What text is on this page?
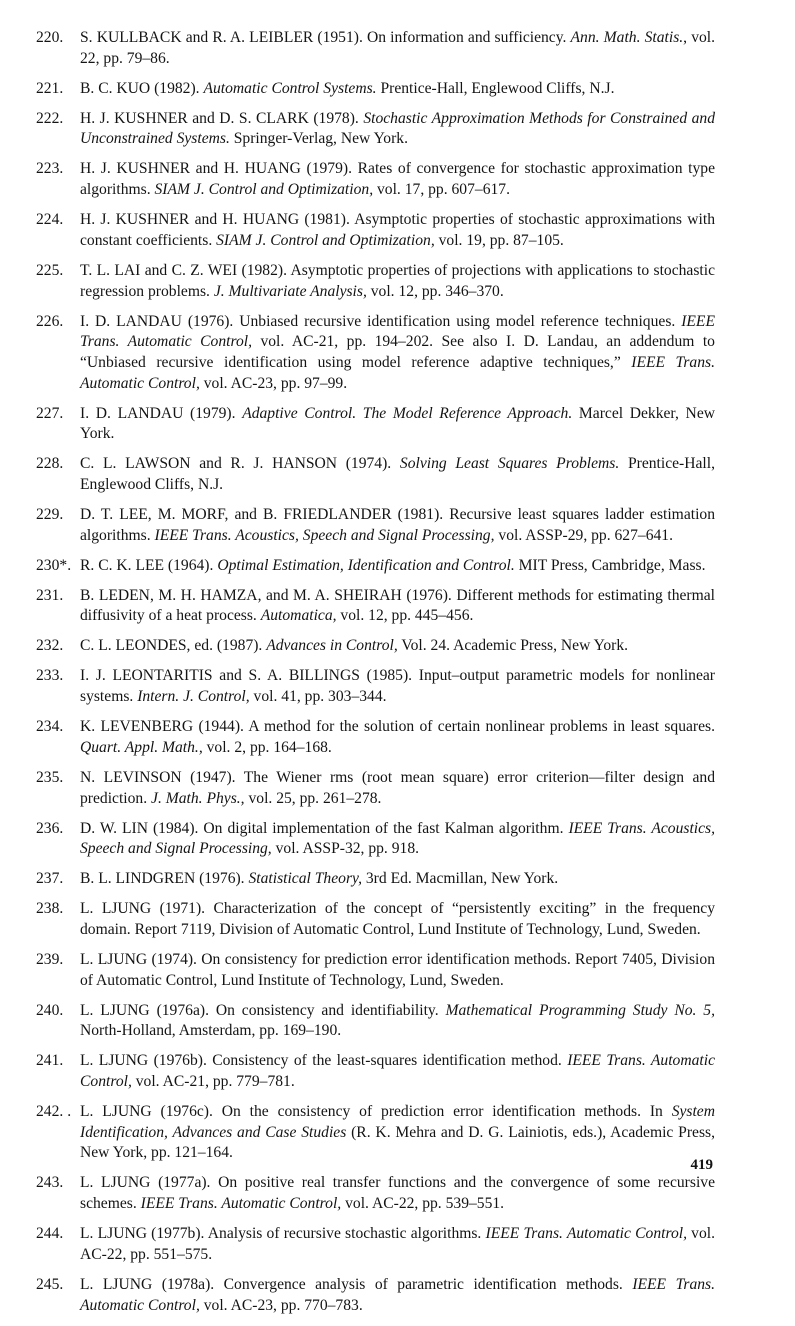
220. S. KULLBACK and R. A. LEIBLER (1951). On information and sufficiency. Ann. Math. Statis., vol. 22, pp. 79–86.
221. B. C. KUO (1982). Automatic Control Systems. Prentice-Hall, Englewood Cliffs, N.J.
222. H. J. KUSHNER and D. S. CLARK (1978). Stochastic Approximation Methods for Constrained and Unconstrained Systems. Springer-Verlag, New York.
223. H. J. KUSHNER and H. HUANG (1979). Rates of convergence for stochastic approximation type algorithms. SIAM J. Control and Optimization, vol. 17, pp. 607–617.
224. H. J. KUSHNER and H. HUANG (1981). Asymptotic properties of stochastic approximations with constant coefficients. SIAM J. Control and Optimization, vol. 19, pp. 87–105.
225. T. L. LAI and C. Z. WEI (1982). Asymptotic properties of projections with applications to stochastic regression problems. J. Multivariate Analysis, vol. 12, pp. 346–370.
226. I. D. LANDAU (1976). Unbiased recursive identification using model reference techniques. IEEE Trans. Automatic Control, vol. AC-21, pp. 194–202. See also I. D. Landau, an addendum to “Unbiased recursive identification using model reference adaptive techniques,” IEEE Trans. Automatic Control, vol. AC-23, pp. 97–99.
227. I. D. LANDAU (1979). Adaptive Control. The Model Reference Approach. Marcel Dekker, New York.
228. C. L. LAWSON and R. J. HANSON (1974). Solving Least Squares Problems. Prentice-Hall, Englewood Cliffs, N.J.
229. D. T. LEE, M. MORF, and B. FRIEDLANDER (1981). Recursive least squares ladder estimation algorithms. IEEE Trans. Acoustics, Speech and Signal Processing, vol. ASSP-29, pp. 627–641.
230*. R. C. K. LEE (1964). Optimal Estimation, Identification and Control. MIT Press, Cambridge, Mass.
231. B. LEDEN, M. H. HAMZA, and M. A. SHEIRAH (1976). Different methods for estimating thermal diffusivity of a heat process. Automatica, vol. 12, pp. 445–456.
232. C. L. LEONDES, ed. (1987). Advances in Control, Vol. 24. Academic Press, New York.
233. I. J. LEONTARITIS and S. A. BILLINGS (1985). Input–output parametric models for nonlinear systems. Intern. J. Control, vol. 41, pp. 303–344.
234. K. LEVENBERG (1944). A method for the solution of certain nonlinear problems in least squares. Quart. Appl. Math., vol. 2, pp. 164–168.
235. N. LEVINSON (1947). The Wiener rms (root mean square) error criterion—filter design and prediction. J. Math. Phys., vol. 25, pp. 261–278.
236. D. W. LIN (1984). On digital implementation of the fast Kalman algorithm. IEEE Trans. Acoustics, Speech and Signal Processing, vol. ASSP-32, pp. 918.
237. B. L. LINDGREN (1976). Statistical Theory, 3rd Ed. Macmillan, New York.
238. L. LJUNG (1971). Characterization of the concept of “persistently exciting” in the frequency domain. Report 7119, Division of Automatic Control, Lund Institute of Technology, Lund, Sweden.
239. L. LJUNG (1974). On consistency for prediction error identification methods. Report 7405, Division of Automatic Control, Lund Institute of Technology, Lund, Sweden.
240. L. LJUNG (1976a). On consistency and identifiability. Mathematical Programming Study No. 5, North-Holland, Amsterdam, pp. 169–190.
241. L. LJUNG (1976b). Consistency of the least-squares identification method. IEEE Trans. Automatic Control, vol. AC-21, pp. 779–781.
242. . L. LJUNG (1976c). On the consistency of prediction error identification methods. In System Identification, Advances and Case Studies (R. K. Mehra and D. G. Lainiotis, eds.), Academic Press, New York, pp. 121–164.
243. L. LJUNG (1977a). On positive real transfer functions and the convergence of some recursive schemes. IEEE Trans. Automatic Control, vol. AC-22, pp. 539–551.
244. L. LJUNG (1977b). Analysis of recursive stochastic algorithms. IEEE Trans. Automatic Control, vol. AC-22, pp. 551–575.
245. L. LJUNG (1978a). Convergence analysis of parametric identification methods. IEEE Trans. Automatic Control, vol. AC-23, pp. 770–783.
419
